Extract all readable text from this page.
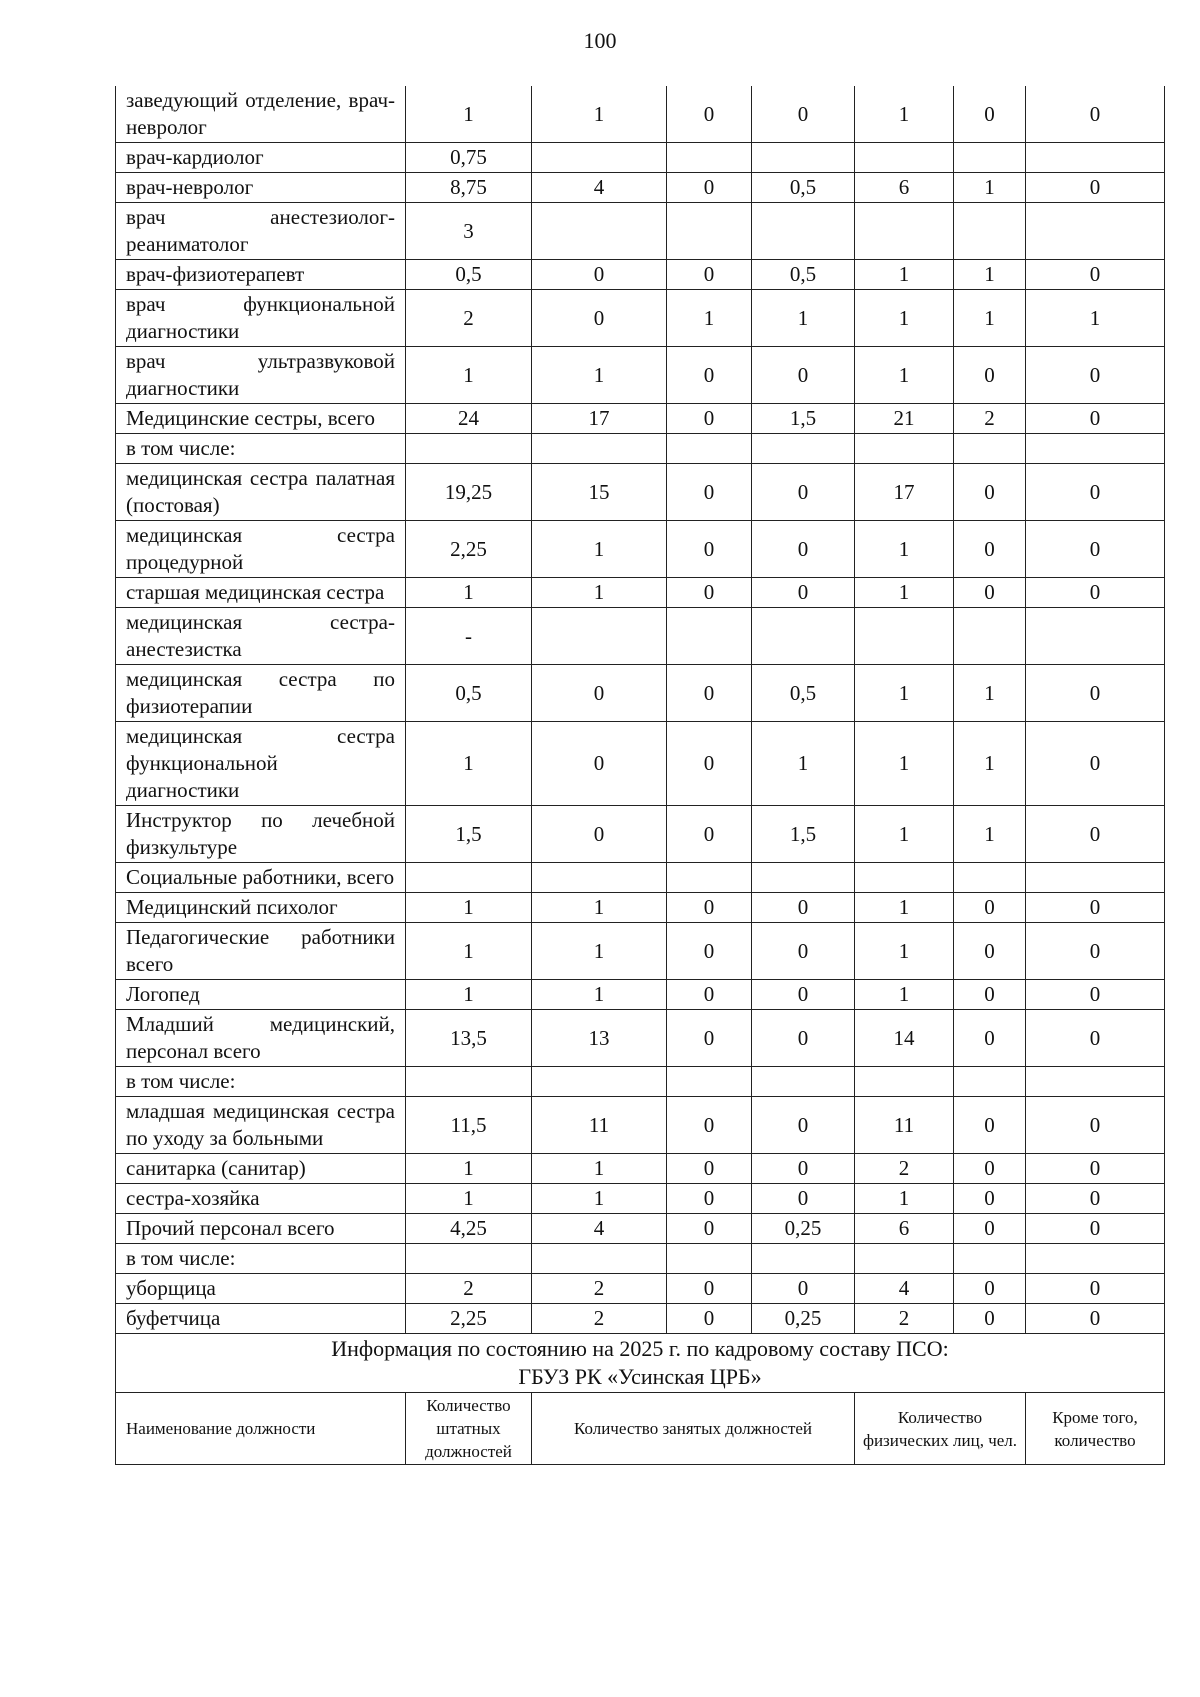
100
заведующий отделение, врач-невролог	1	1	0	0	1	0	0
врач-кардиолог	0,75						
врач-невролог	8,75	4	0	0,5	6	1	0
врач анестезиолог-реаниматолог	3						
врач-физиотерапевт	0,5	0	0	0,5	1	1	0
врач функциональной диагностики	2	0	1	1	1	1	1
врач ультразвуковой диагностики	1	1	0	0	1	0	0
Медицинские сестры, всего	24	17	0	1,5	21	2	0
в том числе:							
медицинская сестра палатная (постовая)	19,25	15	0	0	17	0	0
медицинская сестра процедурной	2,25	1	0	0	1	0	0
старшая медицинская сестра	1	1	0	0	1	0	0
медицинская сестра-анестезистка	-						
медицинская сестра по физиотерапии	0,5	0	0	0,5	1	1	0
медицинская сестра функциональной диагностики	1	0	0	1	1	1	0
Инструктор по лечебной физкультуре	1,5	0	0	1,5	1	1	0
Социальные работники, всего							
Медицинский психолог	1	1	0	0	1	0	0
Педагогические работники всего	1	1	0	0	1	0	0
Логопед	1	1	0	0	1	0	0
Младший медицинский, персонал всего	13,5	13	0	0	14	0	0
в том числе:							
младшая медицинская сестра по уходу за больными	11,5	11	0	0	11	0	0
санитарка (санитар)	1	1	0	0	2	0	0
сестра-хозяйка	1	1	0	0	1	0	0
Прочий персонал всего	4,25	4	0	0,25	6	0	0
в том числе:							
уборщица	2	2	0	0	4	0	0
буфетчица	2,25	2	0	0,25	2	0	0

Информация по состоянию на 2025 г. по кадровому составу ПСО:
ГБУЗ РК «Усинская ЦРБ»							

Наименование должности	Количество штатных должностей	Количество занятых должностей			Количество физических лиц, чел.		Кроме того, количество
